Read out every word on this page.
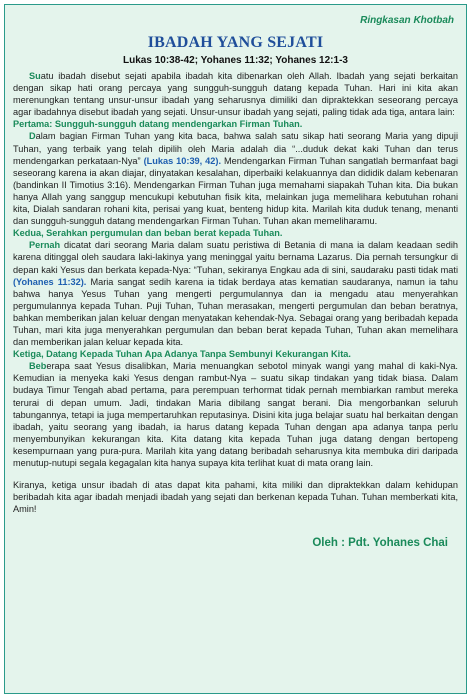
Ringkasan Khotbah
IBADAH YANG SEJATI
Lukas 10:38-42; Yohanes 11:32; Yohanes 12:1-3

Suatu ibadah disebut sejati apabila ibadah kita dibenarkan oleh Allah. Ibadah yang sejati berkaitan dengan sikap hati orang percaya yang sungguh-sungguh datang kepada Tuhan. Hari ini kita akan merenungkan tentang unsur-unsur ibadah yang seharusnya dimiliki dan dipraktekkan seseorang percaya agar ibadahnya disebut ibadah yang sejati. Unsur-unsur ibadah yang sejati, paling tidak ada tiga, antara lain:

Pertama: Sungguh-sungguh datang mendengarkan Firman Tuhan.

Dalam bagian Firman Tuhan yang kita baca, bahwa salah satu sikap hati seorang Maria yang dipuji Tuhan, yang terbaik yang telah dipilih oleh Maria adalah dia “...duduk dekat kaki Tuhan dan terus mendengarkan perkataan-Nya” (Lukas 10:39, 42). Mendengarkan Firman Tuhan sangatlah bermanfaat bagi seseorang karena ia akan diajar, dinyatakan kesalahan, diperbaiki kelakuannya dan dididik dalam kebenaran (bandinkan II Timotius 3:16). Mendengarkan Firman Tuhan juga memahami siapakah Tuhan kita. Dia bukan hanya Allah yang sanggup mencukupi kebutuhan fisik kita, melainkan juga memelihara kebutuhan rohani kita, Dialah sandaran rohani kita, perisai yang kuat, benteng hidup kita. Marilah kita duduk tenang, menanti dan sungguh-sungguh datang mendengarkan Firman Tuhan. Tuhan akan memeliharamu.

Kedua, Serahkan pergumulan dan beban berat kepada Tuhan.

Pernah dicatat dari seorang Maria dalam suatu peristiwa di Betania di mana ia dalam keadaan sedih karena ditinggal oleh saudara laki-lakinya yang meninggal yaitu bernama Lazarus. Dia pernah tersungkur di depan kaki Yesus dan berkata kepada-Nya: “Tuhan, sekiranya Engkau ada di sini, saudaraku pasti tidak mati (Yohanes 11:32). Maria sangat sedih karena ia tidak berdaya atas kematian saudaranya, namun ia tahu bahwa hanya Yesus Tuhan yang mengerti pergumulannya dan ia mengadu atau menyerahkan pergumulannya kepada Tuhan. Puji Tuhan, Tuhan merasakan, mengerti pergumulan dan beban beratnya, bahkan memberikan jalan keluar dengan menyatakan kehendak-Nya. Sebagai orang yang beribadah kepada Tuhan, mari kita juga menyerahkan pergumulan dan beban berat kepada Tuhan, Tuhan akan memelihara dan memberikan jalan keluar kepada kita.

Ketiga, Datang Kepada Tuhan Apa Adanya Tanpa Sembunyi Kekurangan Kita.

Beberapa saat Yesus disalibkan, Maria menuangkan sebotol minyak wangi yang mahal di kaki-Nya. Kemudian ia menyeka kaki Yesus dengan rambut-Nya – suatu sikap tindakan yang tidak biasa. Dalam budaya Timur Tengah abad pertama, para perempuan terhormat tidak pernah membiarkan rambut mereka terurai di depan umum. Jadi, tindakan Maria dibilang sangat berani. Dia mengorbankan seluruh tabungannya, tetapi ia juga mempertaruhkan reputasinya. Disini kita juga belajar suatu hal berkaitan dengan ibadah, yaitu seorang yang ibadah, ia harus datang kepada Tuhan dengan apa adanya tanpa perlu menyembunyikan kekurangan kita. Kita datang kita kepada Tuhan juga datang dengan bertopeng kesempurnaan yang pura-pura. Marilah kita yang datang beribadah seharusnya kita membuka diri daripada menutup-nutupi segala kegagalan kita hanya supaya kita terlihat kuat di mata orang lain.

Kiranya, ketiga unsur ibadah di atas dapat kita pahami, kita miliki dan dipraktekkan dalam kehidupan beribadah kita agar ibadah menjadi ibadah yang sejati dan berkenan kepada Tuhan. Tuhan memberkati kita, Amin!

Oleh : Pdt. Yohanes Chai
